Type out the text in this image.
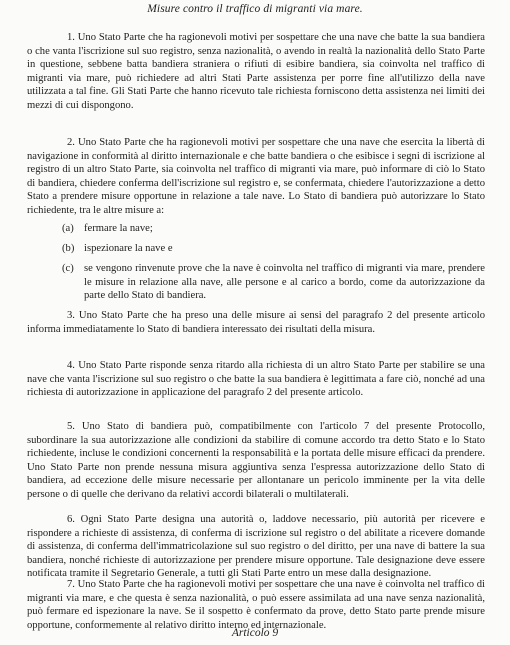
Misure contro il traffico di migranti via mare.

1. Uno Stato Parte che ha ragionevoli motivi per sospettare che una nave che batte la sua bandiera o che vanta l'iscrizione sul suo registro, senza nazionalità, o avendo in realtà la nazionalità dello Stato Parte in questione, sebbene batta bandiera straniera o rifiuti di esibire bandiera, sia coinvolta nel traffico di migranti via mare, può richiedere ad altri Stati Parte assistenza per porre fine all'utilizzo della nave utilizzata a tal fine. Gli Stati Parte che hanno ricevuto tale richiesta forniscono detta assistenza nei limiti dei mezzi di cui dispongono.

2. Uno Stato Parte che ha ragionevoli motivi per sospettare che una nave che esercita la libertà di navigazione in conformità al diritto internazionale e che batte bandiera o che esibisce i segni di iscrizione al registro di un altro Stato Parte, sia coinvolta nel traffico di migranti via mare, può informare di ciò lo Stato di bandiera, chiedere conferma dell'iscrizione sul registro e, se confermata, chiedere l'autorizzazione a detto Stato a prendere misure opportune in relazione a tale nave. Lo Stato di bandiera può autorizzare lo Stato richiedente, tra le altre misure a:

(a) fermare la nave;
(b) ispezionare la nave e
(c) se vengono rinvenute prove che la nave è coinvolta nel traffico di migranti via mare, prendere le misure in relazione alla nave, alle persone e al carico a bordo, come da autorizzazione da parte dello Stato di bandiera.

3. Uno Stato Parte che ha preso una delle misure ai sensi del paragrafo 2 del presente articolo informa immediatamente lo Stato di bandiera interessato dei risultati della misura.

4. Uno Stato Parte risponde senza ritardo alla richiesta di un altro Stato Parte per stabilire se una nave che vanta l'iscrizione sul suo registro o che batte la sua bandiera è legittimata a fare ciò, nonché ad una richiesta di autorizzazione in applicazione del paragrafo 2 del presente articolo.

5. Uno Stato di bandiera può, compatibilmente con l'articolo 7 del presente Protocollo, subordinare la sua autorizzazione alle condizioni da stabilire di comune accordo tra detto Stato e lo Stato richiedente, incluse le condizioni concernenti la responsabilità e la portata delle misure efficaci da prendere. Uno Stato Parte non prende nessuna misura aggiuntiva senza l'espressa autorizzazione dello Stato di bandiera, ad eccezione delle misure necessarie per allontanare un pericolo imminente per la vita delle persone o di quelle che derivano da relativi accordi bilaterali o multilaterali.

6. Ogni Stato Parte designa una autorità o, laddove necessario, più autorità per ricevere e rispondere a richieste di assistenza, di conferma di iscrizione sul registro o del abilitate a ricevere domande di assistenza, di conferma dell'immatricolazione sul suo registro o del diritto, per una nave di battere la sua bandiera, nonché richieste di autorizzazione per prendere misure opportune. Tale designazione deve essere notificata tramite il Segretario Generale, a tutti gli Stati Parte entro un mese dalla designazione.

7. Uno Stato Parte che ha ragionevoli motivi per sospettare che una nave è coinvolta nel traffico di migranti via mare, e che questa è senza nazionalità, o può essere assimilata ad una nave senza nazionalità, può fermare ed ispezionare la nave. Se il sospetto è confermato da prove, detto Stato parte prende misure opportune, conformemente al relativo diritto interno ed internazionale.

Articolo 9
